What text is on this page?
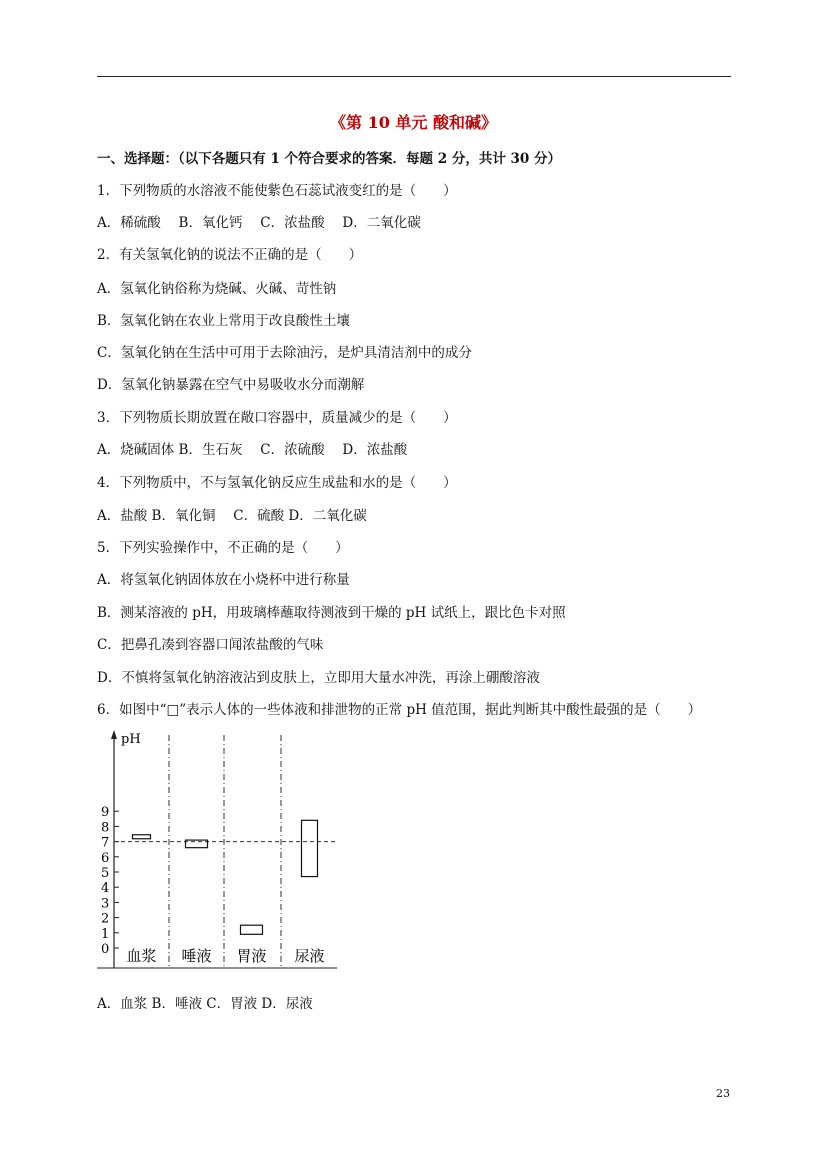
《第 10 单元 酸和碱》
一、选择题：（以下各题只有 1 个符合要求的答案．每题 2 分，共计 30 分）
1．下列物质的水溶液不能使紫色石蕊试液变红的是（　　）
A．稀硫酸　 B．氧化钙　 C．浓盐酸　 D．二氧化碳
2．有关氢氧化钠的说法不正确的是（　　）
A．氢氧化钠俗称为烧碱、火碱、苛性钠
B．氢氧化钠在农业上常用于改良酸性土壤
C．氢氧化钠在生活中可用于去除油污，是炉具清洁剂中的成分
D．氢氧化钠暴露在空气中易吸收水分而潮解
3．下列物质长期放置在敞口容器中，质量减少的是（　　）
A．烧碱固体 B．生石灰　 C．浓硫酸　 D．浓盐酸
4．下列物质中，不与氢氧化钠反应生成盐和水的是（　　）
A．盐酸 B．氧化铜　 C．硫酸 D．二氧化碳
5．下列实验操作中，不正确的是（　　）
A．将氢氧化钠固体放在小烧杯中进行称量
B．测某溶液的 pH，用玻璃棒蘸取待测液到干燥的 pH 试纸上，跟比色卡对照
C．把鼻孔凑到容器口闻浓盐酸的气味
D．不慎将氢氧化钠溶液沾到皮肤上，立即用大量水冲洗，再涂上硼酸溶液
6．如图中“□”表示人体的一些体液和排泄物的正常 pH 值范围，据此判断其中酸性最强的是（　　）
pH
0
1
2
3
4
5
6
7
8
9
血浆 唾液 胃液 尿液
A．血浆 B．唾液 C．胃液 D．尿液
23
